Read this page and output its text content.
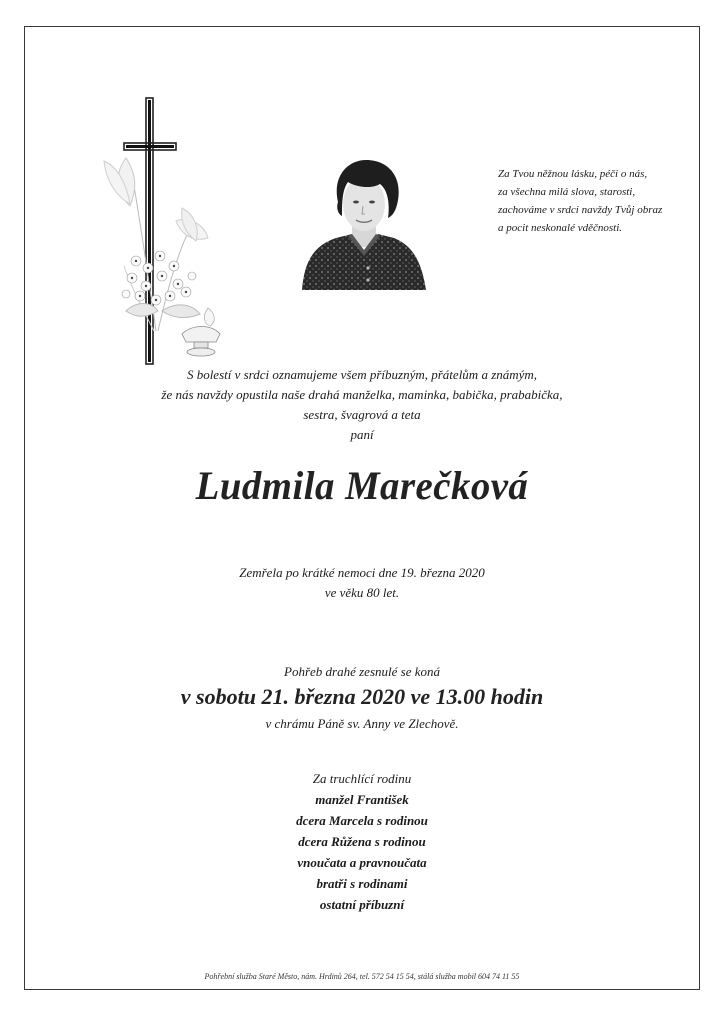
Za Tvou něžnou lásku, péči o nás,
za všechna milá slova, starosti,
zachováme v srdci navždy Tvůj obraz
a pocit neskonalé vděčnosti.
S bolestí v srdci oznamujeme všem příbuzným, přátelům a známým,
že nás navždy opustila naše drahá manželka, maminka, babička, prababička,
sestra, švagrová a teta
paní
Ludmila Marečková
Zemřela po krátké nemoci dne 19. března 2020
ve věku 80 let.
Pohřeb drahé zesnulé se koná
v sobotu 21. března 2020 ve 13.00 hodin
v chrámu Páně sv. Anny ve Zlechově.
Za truchlící rodinu
manžel František
dcera Marcela s rodinou
dcera Růžena s rodinou
vnoučata a pravnoučata
bratři s rodinami
ostatní příbuzní
Pohřební služba Staré Město, nám. Hrdinů 264, tel. 572 54 15 54, stálá služba mobil 604 74 11 55
